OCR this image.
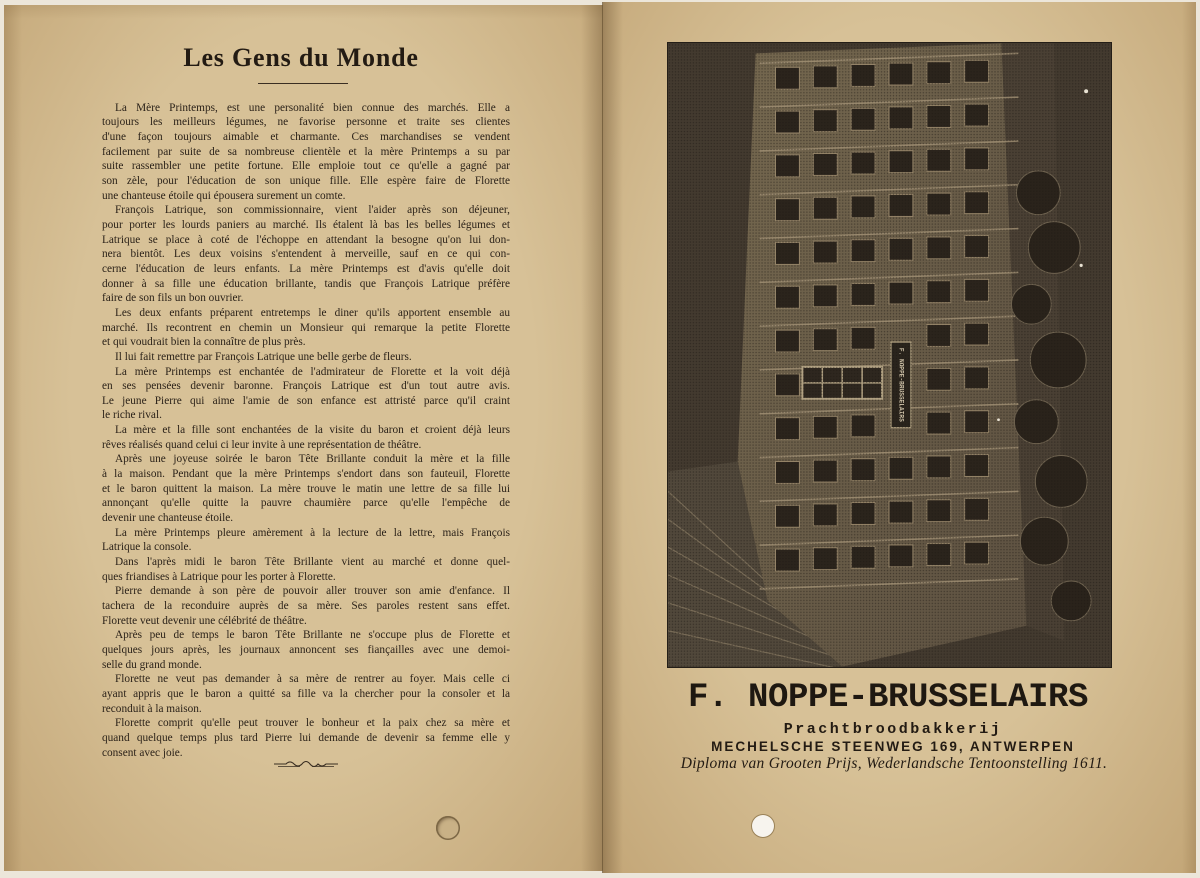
Les Gens du Monde
La Mère Printemps, est une personalité bien connue des marchés. Elle a
toujours les meilleurs légumes, ne favorise personne et traite ses clientes
d'une façon toujours aimable et charmante. Ces marchandises se vendent
facilement par suite de sa nombreuse clientèle et la mère Printemps a su par
suite rassembler une petite fortune. Elle emploie tout ce qu'elle a gagné par
son zèle, pour l'éducation de son unique fille. Elle espère faire de Florette
une chanteuse étoile qui épousera surement un comte.
François Latrique, son commissionnaire, vient l'aider après son déjeuner,
pour porter les lourds paniers au marché. Ils étalent là bas les belles légumes et
Latrique se place à coté de l'échoppe en attendant la besogne qu'on lui don-
nera bientôt. Les deux voisins s'entendent à merveille, sauf en ce qui con-
cerne l'éducation de leurs enfants. La mère Printemps est d'avis qu'elle doit
donner à sa fille une éducation brillante, tandis que François Latrique préfère
faire de son fils un bon ouvrier.
Les deux enfants préparent entretemps le diner qu'ils apportent ensemble au
marché. Ils recontrent en chemin un Monsieur qui remarque la petite Florette
et qui voudrait bien la connaître de plus près.
Il lui fait remettre par François Latrique une belle gerbe de fleurs.
La mère Printemps est enchantée de l'admirateur de Florette et la voit déjà
en ses pensées devenir baronne. François Latrique est d'un tout autre avis.
Le jeune Pierre qui aime l'amie de son enfance est attristé parce qu'il craint
le riche rival.
La mère et la fille sont enchantées de la visite du baron et croient déjà leurs
rêves réalisés quand celui ci leur invite à une représentation de théâtre.
Après une joyeuse soirée le baron Tête Brillante conduit la mère et la fille
à la maison. Pendant que la mère Printemps s'endort dans son fauteuil, Florette
et le baron quittent la maison. La mère trouve le matin une lettre de sa fille lui
annonçant qu'elle quitte la pauvre chaumière parce qu'elle l'empêche de
devenir une chanteuse étoile.
La mère Printemps pleure amèrement à la lecture de la lettre, mais François
Latrique la console.
Dans l'après midi le baron Tête Brillante vient au marché et donne quel-
ques friandises à Latrique pour les porter à Florette.
Pierre demande à son père de pouvoir aller trouver son amie d'enfance. Il
tachera de la reconduire auprès de sa mère. Ses paroles restent sans effet.
Florette veut devenir une célébrité de théâtre.
Après peu de temps le baron Tête Brillante ne s'occupe plus de Florette et
quelques jours après, les journaux annoncent ses fiançailles avec une demoi-
selle du grand monde.
Florette ne veut pas demander à sa mère de rentrer au foyer. Mais celle ci
ayant appris que le baron a quitté sa fille va la chercher pour la consoler et la
reconduit à la maison.
Florette comprit qu'elle peut trouver le bonheur et la paix chez sa mère et
quand quelque temps plus tard Pierre lui demande de devenir sa femme elle y
consent avec joie.
F. NOPPE-BRUSSELAIRS
F. NOPPE-BRUSSELAIRS
Prachtbroodbakkerij
MECHELSCHE STEENWEG 169, ANTWERPEN
Diploma van Grooten Prijs, Wederlandsche Tentoonstelling 1611.
